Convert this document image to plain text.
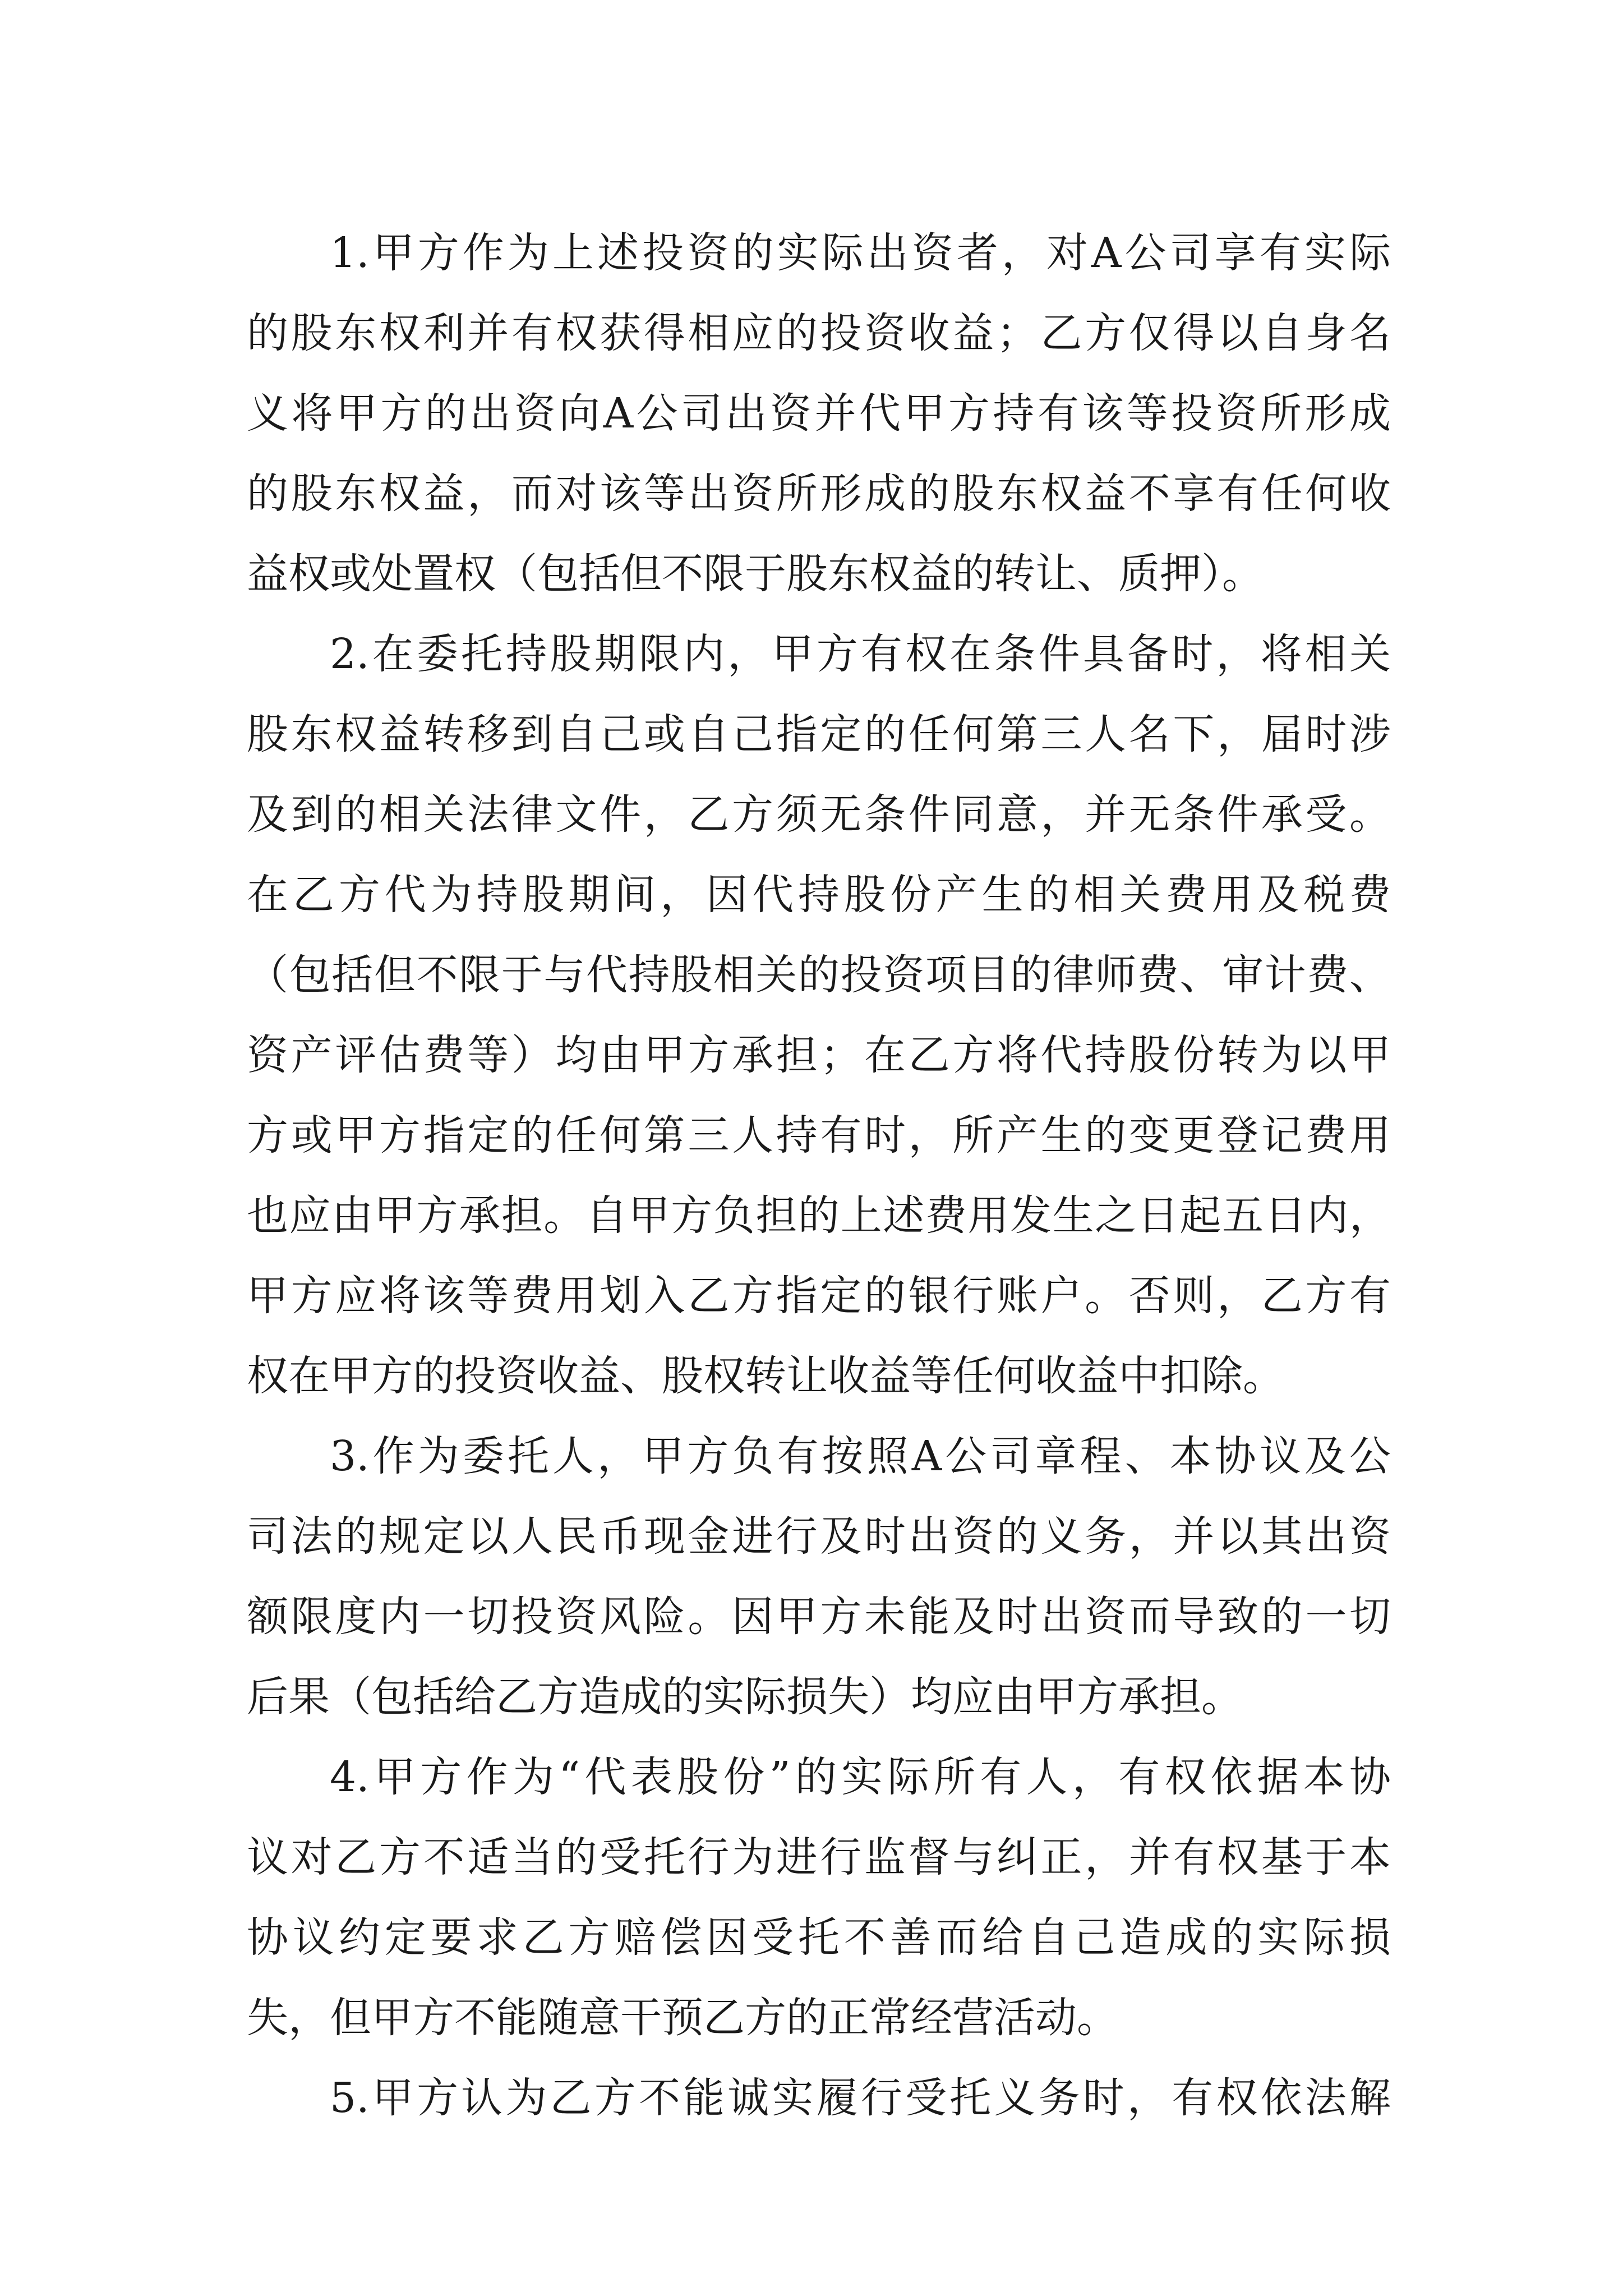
1.甲方作为上述投资的实际出资者，对A公司享有实际
的股东权利并有权获得相应的投资收益；乙方仅得以自身名
义将甲方的出资向A公司出资并代甲方持有该等投资所形成
的股东权益，而对该等出资所形成的股东权益不享有任何收
益权或处置权（包括但不限于股东权益的转让、质押）。
2.在委托持股期限内，甲方有权在条件具备时，将相关
股东权益转移到自己或自己指定的任何第三人名下，届时涉
及到的相关法律文件，乙方须无条件同意，并无条件承受。
在乙方代为持股期间，因代持股份产生的相关费用及税费
（包括但不限于与代持股相关的投资项目的律师费、审计费、
资产评估费等）均由甲方承担；在乙方将代持股份转为以甲
方或甲方指定的任何第三人持有时，所产生的变更登记费用
也应由甲方承担。自甲方负担的上述费用发生之日起五日内，
甲方应将该等费用划入乙方指定的银行账户。否则，乙方有
权在甲方的投资收益、股权转让收益等任何收益中扣除。
3.作为委托人，甲方负有按照A公司章程、本协议及公
司法的规定以人民币现金进行及时出资的义务，并以其出资
额限度内一切投资风险。因甲方未能及时出资而导致的一切
后果（包括给乙方造成的实际损失）均应由甲方承担。
4.甲方作为“代表股份”的实际所有人，有权依据本协
议对乙方不适当的受托行为进行监督与纠正，并有权基于本
协议约定要求乙方赔偿因受托不善而给自己造成的实际损
失，但甲方不能随意干预乙方的正常经营活动。
5.甲方认为乙方不能诚实履行受托义务时，有权依法解
